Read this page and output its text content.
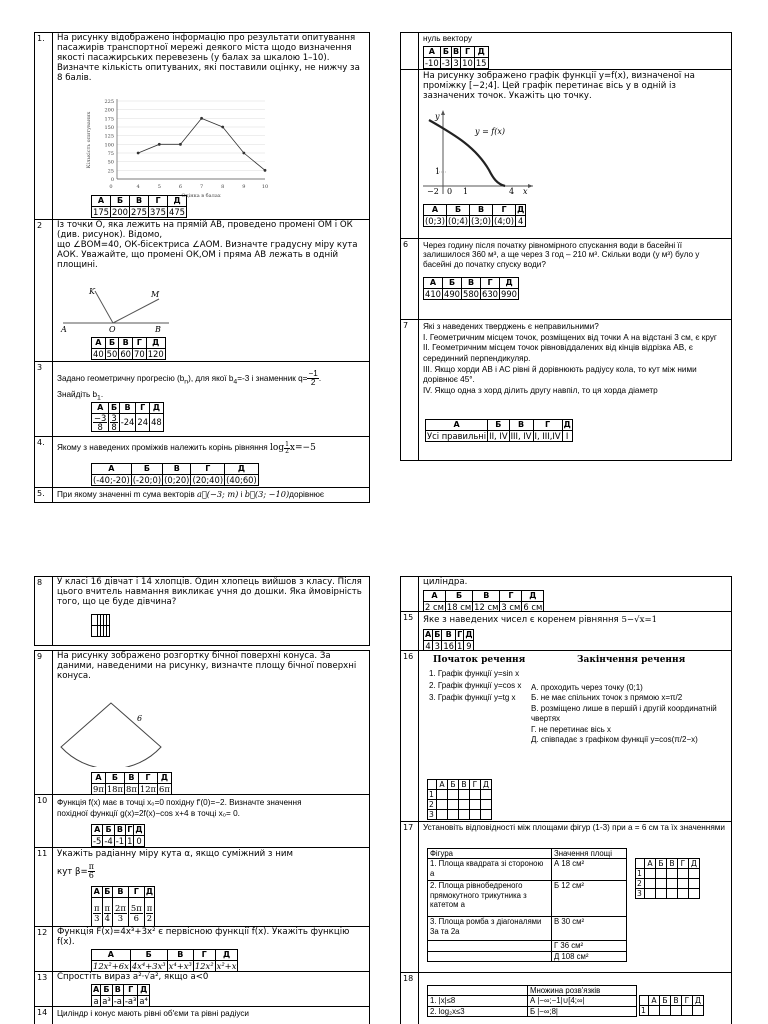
1.	На рисунку відображено інформацію про результати опитування пасажирів транспортної мережі деякого міста щодо визначення якості пасажирських перевезень (у балах за шкалою 1–10). Визначте кількість опитуваних, які поставили оцінку, не нижчу за 8 балів.
225
200
175
150
125
100
75
50
25
0
0	4	5	6	7	8	9	10
Оцінка в балах
Кількість опитуваних
А	Б	В	Г	Д
175	200	275	375	475
2	Із точки О, яка лежить на прямій АВ, проведено променi ОМ і ОК (див. рисунок). Відомо,
що ∠ВОМ=40, ОК-бісектриса ∠АОМ. Визначте градусну міру кута АОК. Уважайте, що промені ОК,ОМ і пряма АВ лежать в одній площині.
K	M
A	O	B
А	Б	В	Г	Д
40	50	60	70	120
3
Задано геометричну прогресію $(b_n)$, для якої $b_4=-3$ і знаменник $q= \frac{-1}{2}$ .
Знайдіть $b_1$.
А	Б	В	Г	Д

$\frac{-3}{8}$	$\frac{3}{8}$	-24	24	48
4.
Якому з наведених проміжків належить корінь рівняння $\log \frac{1}{2} x=-5$
А	Б	В	Г	Д
(-40;-20)	(-20;0)	(0;20)	(20;40)	(40;60)
5.	При якому значенні m сума векторів a⃗(−3; m) і b⃗(3; −10)дорівнює
нуль вектору
А	Б	В	Г	Д
-10	-3	3	10	15
На рисунку зображено графік функції y=f(x), визначеної на проміжку [−2;4]. Цей графік перетинає вісь y в одній із зазначених точок. Укажіть цю точку.
y
y = f(x)
1
−2 0 1	4 x
А	Б	В	Г	Д
(0;3)	(0;4)	(3;0)	(4;0)	4
6	Через годину після початку рівномірного спускання води в басейні її залишилося 360 м³, а ще через 3 год – 210 м³. Скільки води (у м³) було у басейні до початку спуску води?
А	Б	В	Г	Д
410	490	580	630	990
7	Які з наведених тверджень є неправильними?
I. Геометричним місцем точок, розміщених від точки А на відстані 3 см, є круг
II. Геометричним місцем точок рівновіддалених від кінців відрізка АВ, є серединний перпендикуляр.
III. Якщо хорди АВ і АС рівні й дорівнюють радіусу кола, то кут між ними дорівнює 45°.
IV. Якщо одна з хорд ділить другу навпіл, то ця хорда діаметр
А	Б	В	Г	Д
Усі правильні	II, IV	III, IV	I, III,IV	I
8	У класі 16 дівчат і 14 хлопців. Один хлопець вийшов з класу. Після цього вчитель навмання викликає учня до дошки. Яка ймовірність того, що це буде дівчина?

9	На рисунку зображено розгортку бічної поверхні конуса. За даними, наведеними на рисунку, визначте площу бічної поверхні конуса.
6
А	Б	В	Г	Д
9π	18π	8π	12π	6π
10	Функція f(x) має в точці x₀=0 похідну f′(0)=−2. Визначте значення
похідної функції g(x)=2f(x)−cos x+4 в точці x₀= 0.
А	Б	В	Г	Д
-5	-4	-1	1	0
11	Укажіть радіанну міру кута α, якщо суміжний з ним
кут $\beta= \frac{\pi}{6}$
А	Б	В	Г	Д

$\frac{\pi}{3}$	$\frac{\pi}{4}$	$\frac{2\pi}{3}$	$\frac{5\pi}{6}$	$\frac{\pi}{2}$
12	Функція F(x)=4x³+3x² є первісною функції f(x). Укажіть функцію f(x).
А	Б	В	Г	Д
12x²+6x	4x⁴+3x³	x⁴+x³	12x²	x²+x
13	Спростіть вираз a²·√a², якщо a<0
А	Б	В	Г	Д
a	a³	-a	-a³	a⁴
14	Циліндр і конус мають рівні об'єми та рівні радіуси
циліндра.
А	Б	В	Г	Д
2 см	18 см	12 см	3 см	6 см
15	Яке з наведених чисел є коренем рівняння 5−√x=1
А	Б	В	Г	Д
4	3	16	1	9
16	Початок речення	Закінчення речення
1. Графік функції y=sin x
2. Графік функції y=cos x
3. Графік функції y=tg x
А. проходить через точку (0;1)
Б. не має спільних точок з прямою x=π/2
В. розміщено лише в першій і другій координатній чвертях
Г. не перетинає вісь x
Д. співпадає з графіком функції y=cos(π/2−x)
	А	Б	В	Г	Д
1					
2					
3					
17	Установіть відповідності між площами фігур (1-3) при a = 6 см та їх значеннями
Фігура	Значення площі
1. Площа квадрата зі стороною a	А 18 см²
2. Площа рівнобедреного прямокутного трикутника з катетом a	Б 12 см²
3. Площа ромба з діагоналями 3a та 2a	В 30 см²
	Г 36 см²
	Д 108 см²
	А	Б	В	Г	Д
1					
2					
3					
18
	Множина розв'язків
1. |x|≤8	А |−∞;−1|∪[4;∞|
2. log₂x≤3	Б |−∞;8|
	А	Б	В	Г	Д
1					
